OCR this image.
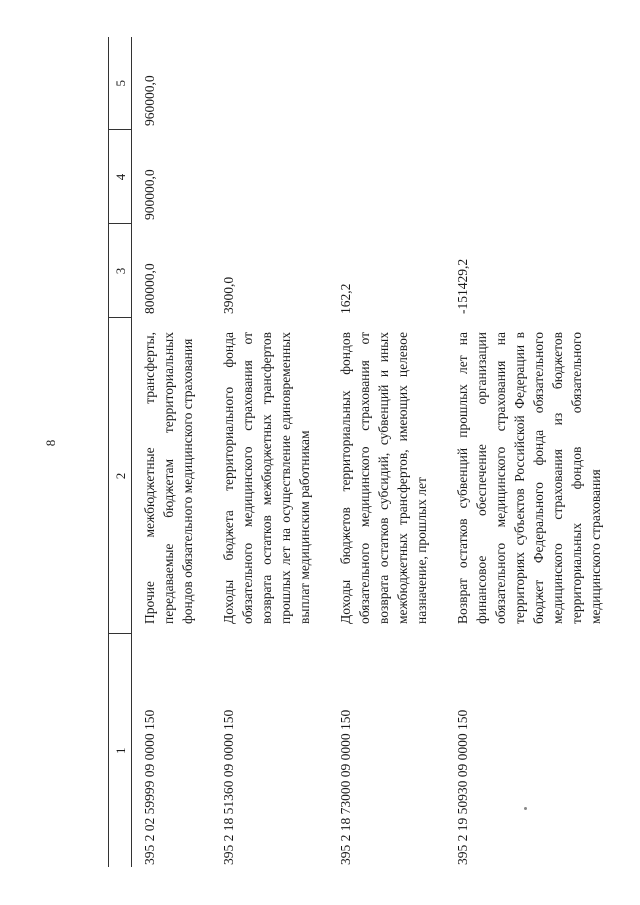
8
1	2	3	4	5
395 2 02 59999 09 0000 150	Прочие межбюджетные трансферты, передаваемые бюджетам территориальных фондов обязательного медицинского страхования	800000,0	900000,0	960000,0
395 2 18 51360 09 0000 150	Доходы бюджета территориального фонда обязательного медицинского страхования от возврата остатков межбюджетных трансфертов прошлых лет на осуществление единовременных выплат медицинским работникам	3900,0		
395 2 18 73000 09 0000 150	Доходы бюджетов территориальных фондов обязательного медицинского страхования от возврата остатков субсидий, субвенций и иных межбюджетных трансфертов, имеющих целевое назначение, прошлых лет	162,2		
395 2 19 50930 09 0000 150	Возврат остатков субвенций прошлых лет на финансовое обеспечение организации обязательного медицинского страхования на территориях субъектов Российской Федерации в бюджет Федерального фонда обязательного медицинского страхования из бюджетов территориальных фондов обязательного медицинского страхования	-151429,2		
